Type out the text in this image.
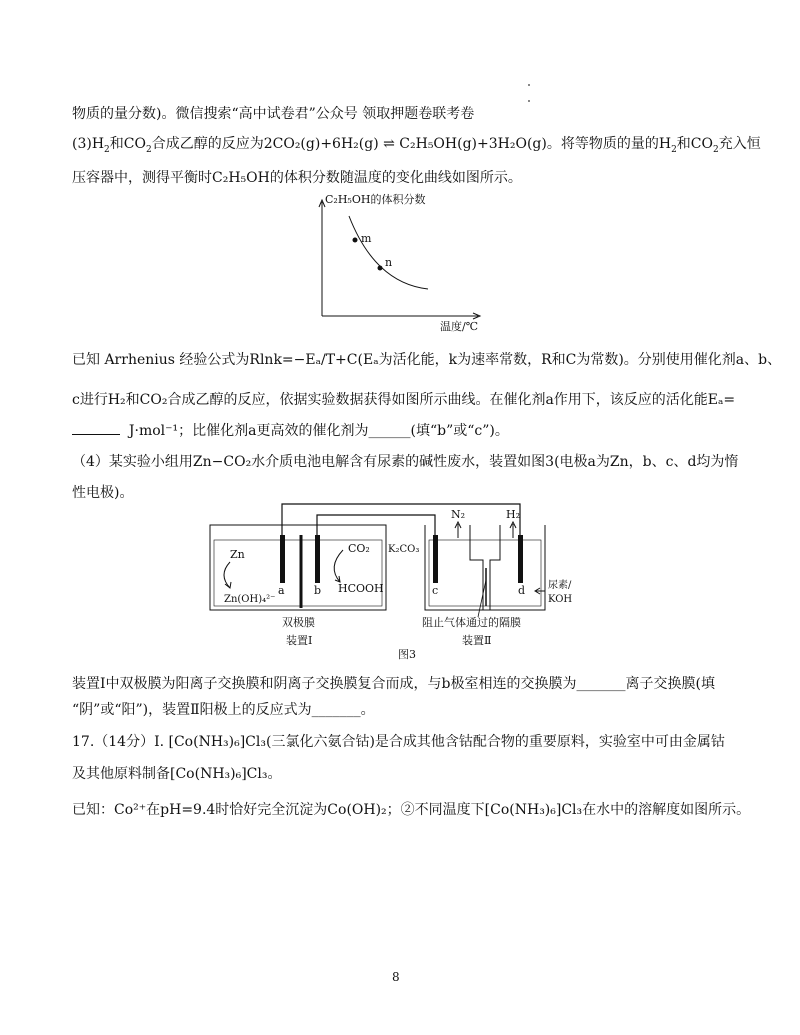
物质的量分数)。微信搜索“高中试卷君”公众号 领取押题卷联考卷
$(3)H_2$和$CO_2$合成乙醇的反应为2CO₂(g)+6H₂(g) ⇌ C₂H₅OH(g)+3H₂O(g)。将等物质的量的$H_2$和$CO_2$充入恒
压容器中，测得平衡时C₂H₅OH的体积分数随温度的变化曲线如图所示。
C₂H₅OH的体积分数
温度/℃
m
n
已知 Arrhenius 经验公式为Rlnk=−Eₐ/T+C(Eₐ为活化能，k为速率常数，R和C为常数)。分别使用催化剂a、b、
c进行H₂和CO₂合成乙醇的反应，依据实验数据获得如图所示曲线。在催化剂a作用下，该反应的活化能Eₐ=
J·mol⁻¹；比催化剂a更高效的催化剂为______(填“b”或“c”)。
（4）某实验小组用Zn−CO₂水介质电池电解含有尿素的碱性废水，装置如图3(电极a为Zn，b、c、d均为惰
性电极)。
Zn
Zn(OH)₄²⁻
a	b
CO₂
HCOOH
N₂	H₂
K₂CO₃
c	d 尿素/
KOH
双极膜
装置Ⅰ
阻止气体通过的隔膜
装置Ⅱ
图3
装置Ⅰ中双极膜为阳离子交换膜和阴离子交换膜复合而成，与b极室相连的交换膜为_______离子交换膜(填
“阴”或“阳”)，装置Ⅱ阳极上的反应式为_______。
17.（14分）Ⅰ. [Co(NH₃)₆]Cl₃(三氯化六氨合钴)是合成其他含钴配合物的重要原料，实验室中可由金属钴
及其他原料制备[Co(NH₃)₆]Cl₃。
已知：Co²⁺在pH=9.4时恰好完全沉淀为Co(OH)₂；②不同温度下[Co(NH₃)₆]Cl₃在水中的溶解度如图所示。
8
